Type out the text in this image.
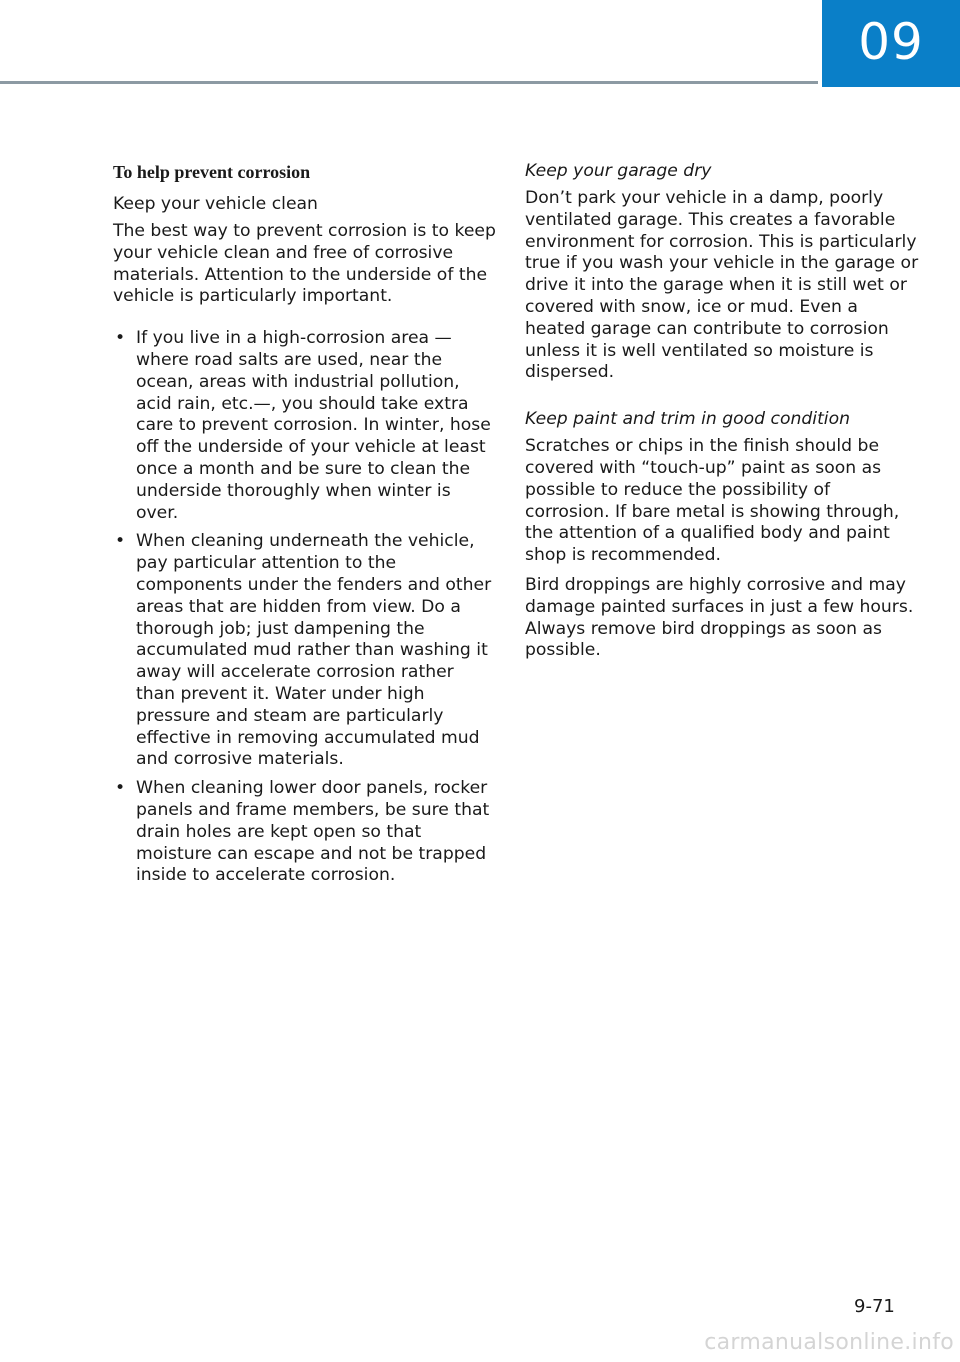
09
To help prevent corrosion
Keep your vehicle clean

The best way to prevent corrosion is to keep your vehicle clean and free of corrosive materials. Attention to the underside of the vehicle is particularly important.

• If you live in a high-corrosion area — where road salts are used, near the ocean, areas with industrial pollution, acid rain, etc.—, you should take extra care to prevent corrosion. In winter, hose off the underside of your vehicle at least once a month and be sure to clean the underside thoroughly when winter is over.
• When cleaning underneath the vehicle, pay particular attention to the components under the fenders and other areas that are hidden from view. Do a thorough job; just dampening the accumulated mud rather than washing it away will accelerate corrosion rather than prevent it. Water under high pressure and steam are particularly effective in removing accumulated mud and corrosive materials.
• When cleaning lower door panels, rocker panels and frame members, be sure that drain holes are kept open so that moisture can escape and not be trapped inside to accelerate corrosion.
Keep your garage dry

Don’t park your vehicle in a damp, poorly ventilated garage. This creates a favorable environment for corrosion. This is particularly true if you wash your vehicle in the garage or drive it into the garage when it is still wet or covered with snow, ice or mud. Even a heated garage can contribute to corrosion unless it is well ventilated so moisture is dispersed.

Keep paint and trim in good condition

Scratches or chips in the finish should be covered with “touch-up” paint as soon as possible to reduce the possibility of corrosion. If bare metal is showing through, the attention of a qualified body and paint shop is recommended.

Bird droppings are highly corrosive and may damage painted surfaces in just a few hours. Always remove bird droppings as soon as possible.

9-71
carmanualsonline.info
